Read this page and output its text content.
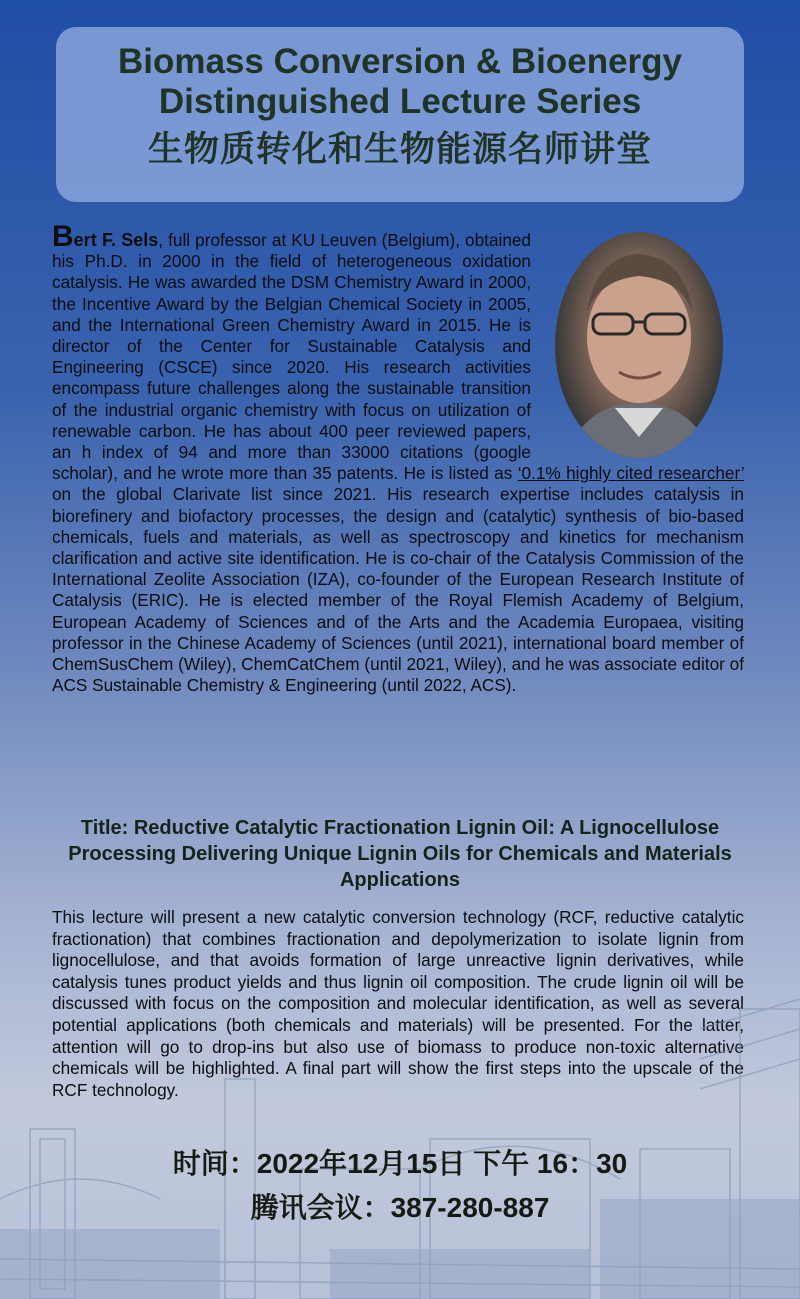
Biomass Conversion & Bioenergy
Distinguished Lecture Series
生物质转化和生物能源名师讲堂
Bert F. Sels, full professor at KU Leuven (Belgium), obtained his Ph.D. in 2000 in the field of heterogeneous oxidation catalysis. He was awarded the DSM Chemistry Award in 2000, the Incentive Award by the Belgian Chemical Society in 2005, and the International Green Chemistry Award in 2015. He is director of the Center for Sustainable Catalysis and Engineering (CSCE) since 2020. His research activities encompass future challenges along the sustainable transition of the industrial organic chemistry with focus on utilization of renewable carbon. He has about 400 peer reviewed papers, an h index of 94 and more than 33000 citations (google scholar), and he wrote more than 35 patents. He is listed as ‘0.1% highly cited researcher’ on the global Clarivate list since 2021. His research expertise includes catalysis in biorefinery and biofactory processes, the design and (catalytic) synthesis of bio-based chemicals, fuels and materials, as well as spectroscopy and kinetics for mechanism clarification and active site identification. He is co-chair of the Catalysis Commission of the International Zeolite Association (IZA), co-founder of the European Research Institute of Catalysis (ERIC). He is elected member of the Royal Flemish Academy of Belgium, European Academy of Sciences and of the Arts and the Academia Europaea, visiting professor in the Chinese Academy of Sciences (until 2021), international board member of ChemSusChem (Wiley), ChemCatChem (until 2021, Wiley), and he was associate editor of ACS Sustainable Chemistry & Engineering (until 2022, ACS).
Title: Reductive Catalytic Fractionation Lignin Oil: A Lignocellulose Processing Delivering Unique Lignin Oils for Chemicals and Materials Applications
This lecture will present a new catalytic conversion technology (RCF, reductive catalytic fractionation) that combines fractionation and depolymerization to isolate lignin from lignocellulose, and that avoids formation of large unreactive lignin derivatives, while catalysis tunes product yields and thus lignin oil composition. The crude lignin oil will be discussed with focus on the composition and molecular identification, as well as several potential applications (both chemicals and materials) will be presented. For the latter, attention will go to drop-ins but also use of biomass to produce non-toxic alternative chemicals will be highlighted. A final part will show the first steps into the upscale of the RCF technology.
时间：2022年12月15日 下午 16：30
腾讯会议：387-280-887
